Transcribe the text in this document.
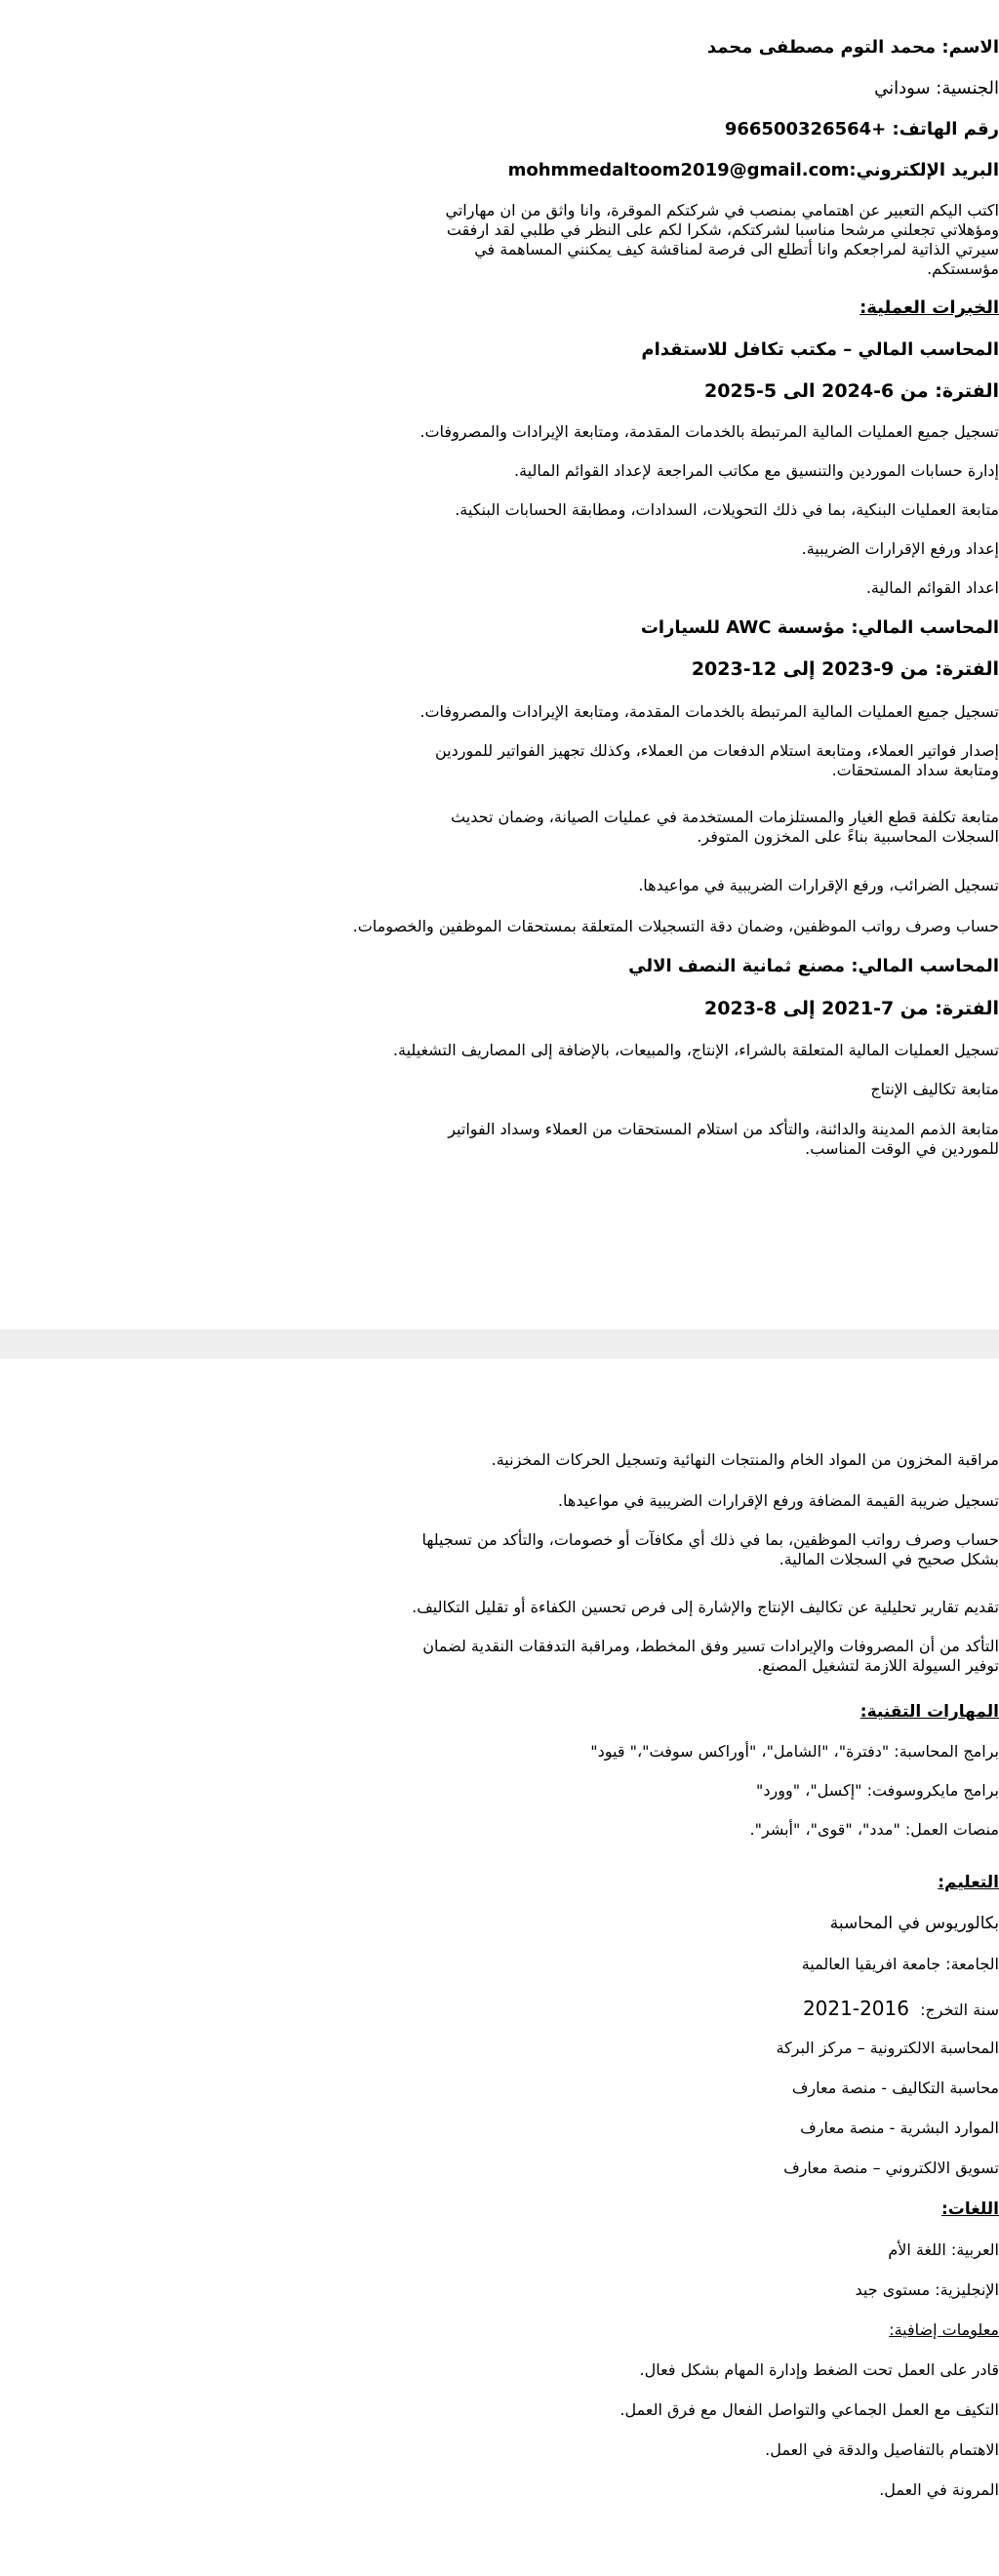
الاسم: محمد التوم مصطفى محمد
الجنسية: سوداني
رقم الهاتف: +966500326564
البريد الإلكتروني:mohmmedaltoom2019@gmail.com
اكتب اليكم التعبير عن اهتمامي بمنصب في شركتكم الموقرة، وانا واثق من ان مهاراتي ومؤهلاتي تجعلني مرشحا مناسبا لشركتكم، شكرا لكم على النظر في طلبي لقد ارفقت سيرتي الذاتية لمراجعكم وانا أتطلع الى فرصة لمناقشة كيف يمكنني المساهمة في مؤسستكم.
الخبرات العملية:
المحاسب المالي – مكتب تكافل للاستقدام
الفترة: من 6-2024 الى 5-2025
تسجيل جميع العمليات المالية المرتبطة بالخدمات المقدمة، ومتابعة الإيرادات والمصروفات.
إدارة حسابات الموردين والتنسيق مع مكاتب المراجعة لإعداد القوائم المالية.
متابعة العمليات البنكية، بما في ذلك التحويلات، السدادات، ومطابقة الحسابات البنكية.
إعداد ورفع الإقرارات الضريبية.
اعداد القوائم المالية.
المحاسب المالي: مؤسسة AWC للسيارات
الفترة: من 9-2023 إلى 12-2023
تسجيل جميع العمليات المالية المرتبطة بالخدمات المقدمة، ومتابعة الإيرادات والمصروفات.
إصدار فواتير العملاء، ومتابعة استلام الدفعات من العملاء، وكذلك تجهيز الفواتير للموردين ومتابعة سداد المستحقات.
متابعة تكلفة قطع الغيار والمستلزمات المستخدمة في عمليات الصيانة، وضمان تحديث السجلات المحاسبية بناءً على المخزون المتوفر.
تسجيل الضرائب، ورفع الإقرارات الضريبية في مواعيدها.
حساب وصرف رواتب الموظفين، وضمان دقة التسجيلات المتعلقة بمستحقات الموظفين والخصومات.
المحاسب المالي: مصنع ثمانية النصف الالي
الفترة: من 7-2021 إلى 8-2023
تسجيل العمليات المالية المتعلقة بالشراء، الإنتاج، والمبيعات، بالإضافة إلى المصاريف التشغيلية.
متابعة تكاليف الإنتاج
متابعة الذمم المدينة والدائنة، والتأكد من استلام المستحقات من العملاء وسداد الفواتير للموردين في الوقت المناسب.
مراقبة المخزون من المواد الخام والمنتجات النهائية وتسجيل الحركات المخزنية.
تسجيل ضريبة القيمة المضافة ورفع الإقرارات الضريبية في مواعيدها.
حساب وصرف رواتب الموظفين، بما في ذلك أي مكافآت أو خصومات، والتأكد من تسجيلها بشكل صحيح في السجلات المالية.
تقديم تقارير تحليلية عن تكاليف الإنتاج والإشارة إلى فرص تحسين الكفاءة أو تقليل التكاليف.
التأكد من أن المصروفات والإيرادات تسير وفق المخطط، ومراقبة التدفقات النقدية لضمان توفير السيولة اللازمة لتشغيل المصنع.
المهارات التقنية:
برامج المحاسبة: "دفترة"، "الشامل"، "أوراكس سوفت"،" قيود"
برامج مايكروسوفت: "إكسل"، "وورد"
منصات العمل: "مدد"، "قوى"، "أبشر".
التعليم:
بكالوريوس في المحاسبة
الجامعة: جامعة افريقيا العالمية
سنة التخرج: 2016-2021
المحاسبة الالكترونية – مركز البركة
محاسبة التكاليف - منصة معارف
الموارد البشرية - منصة معارف
تسويق الالكتروني – منصة معارف
اللغات:
العربية: اللغة الأم
الإنجليزية: مستوى جيد
معلومات إضافية:
قادر على العمل تحت الضغط وإدارة المهام بشكل فعال.
التكيف مع العمل الجماعي والتواصل الفعال مع فرق العمل.
الاهتمام بالتفاصيل والدقة في العمل.
المرونة في العمل.
